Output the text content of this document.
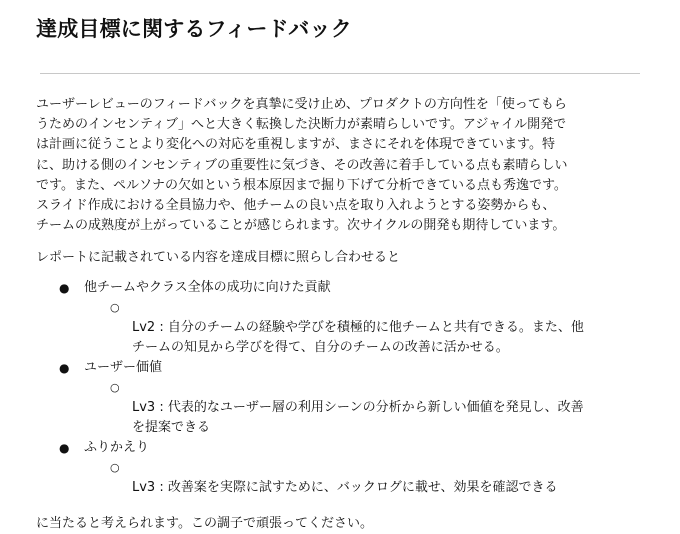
達成目標に関するフィードバック
ユーザーレビューのフィードバックを真摯に受け止め、プロダクトの方向性を「使ってもら
うためのインセンティブ」へと大きく転換した決断力が素晴らしいです。アジャイル開発で
は計画に従うことより変化への対応を重視しますが、まさにそれを体現できています。特
に、助ける側のインセンティブの重要性に気づき、その改善に着手している点も素晴らしい
です。また、ペルソナの欠如という根本原因まで掘り下げて分析できている点も秀逸です。
スライド作成における全員協力や、他チームの良い点を取り入れようとする姿勢からも、
チームの成熟度が上がっていることが感じられます。次サイクルの開発も期待しています。
レポートに記載されている内容を達成目標に照らし合わせると
● 他チームやクラス全体の成功に向けた貢献

○
Lv2 : 自分のチームの経験や学びを積極的に他チームと共有できる。また、他
チームの知見から学びを得て、自分のチームの改善に活かせる。

● ユーザー価値

○
Lv3 : 代表的なユーザー層の利用シーンの分析から新しい価値を発見し、改善
を提案できる

● ふりかえり

○
Lv3 : 改善案を実際に試すために、バックログに載せ、効果を確認できる

に当たると考えられます。この調子で頑張ってください。
